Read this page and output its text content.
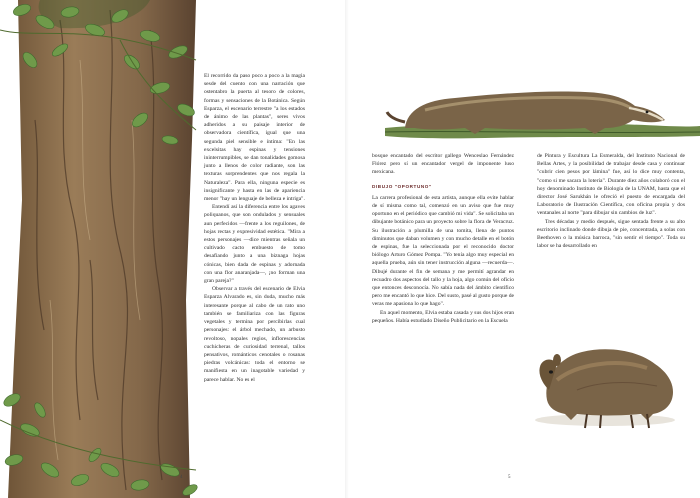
El recorrido da paso poco a poco a la magia sesde del cuento con una narración que ostentabro la puerta al tesoro de colores, formas y sensaciones de la Botánica. Según Esparza, el escenario terrestre "a los estados de ánimo de las plantas", seres vivos adheridos a su paisaje interior de observadora científica, igual que una segunda piel sensible e íntima: "En las excelsitas hay espinas y tensiones ininterrumpibles, se dan tonalidades gomosa junto a llenos de color radiante, son las texturas sorprendentes que nos regala la Naturaleza". Para ella, ninguna especie es insignificante y hasta en las de apariencia menor "hay un lenguaje de belleza e intriga".

Entendí así la diferencia entre los agaves poliquanos, que son ondulados y sensuales aun perfecidos —frente a los reguilones, de hojas rectas y expresividad estética. "Mira a estos personajes —dice mientras señala un cultivado cacto embuesto de tomo desafiando junto a una biznaga hojas cónicas, bien dada de espinas y adornada con una flor anaranjada—, ¡no forman una gran pareja?"

Observar a través del escenario de Elvia Esparza Alvarado es, sin duda, mucho más interesante porque al cabo de un rato uno también se familiariza con las figuras vegetales y termina por percibirlas cual personajes: el árbol mechado, un arbusto revoltoso, nopales regios, inflorescencias cuchicheras de curiosidad terrenal, tallos pensativos, románticos cenotales o rosanas piedras volcánicas: toda el entorno se manifiesta en un inagotable variedad y parece hablar. No es el

4

bosque encantado del escritor gallego Wenceslao Fernández Flórez pero sí un encantador vergel de imponente luso mexicana.

DIBUJO "OPORTUNO"

La carrera profesional de esta artista, aunque ella evite hablar de sí misma como tal, comenzó en un aviso que fue muy oportuno en el periódico que cambió mi vida". Se solicitaba un dibujante botánico para un proyecto sobre la flora de Veracruz. Su ilustración a plumilla de una tomita, llena de puntos diminutos que daban volumen y con mucho detalle en el botón de espinas, fue la seleccionada por el reconocido doctor biólogo Arturo Gómez Pompa. "Yo tenía algo muy especial en aquella prueba, aún sin tener instrucción alguna —recuerda—. Dibujé durante el fin de semana y me permití agrandar en recuadro dos aspectos del tallo y la hoja, algo común del oficio que entonces desconocía. No sabía nada del ámbito científico pero me encantó lo que hice. Del susto, pasé al gusto porque de veras me apasiona lo que hago".

En aquel momento, Elvia estaba casada y sus dos hijos eran pequeños. Había estudiado Diseño Publicitario en la Escuela

de Pintura y Escultura La Esmeralda, del Instituto Nacional de Bellas Artes, y la posibilidad de trabajar desde casa y continuar "cubrir cien pesos por lámina" fue, así lo dice muy contenta, "como si me sacara la lotería". Durante diez años colaboró con el hoy denominado Instituto de Biología de la UNAM, hasta que el director José Sarukhán le ofreció el puesto de encargada del Laboratorio de Ilustración Científica, con oficina propia y dos ventanales al norte "para dibujar sin cambios de luz".

Tres décadas y medio después, sigue sentada frente a su alto escritorio inclinado donde dibuja de pie, concentrada, a solas con Beethoven o la música barroca, "sin sentir el tiempo". Toda su labor se ha desarrollado en

5
